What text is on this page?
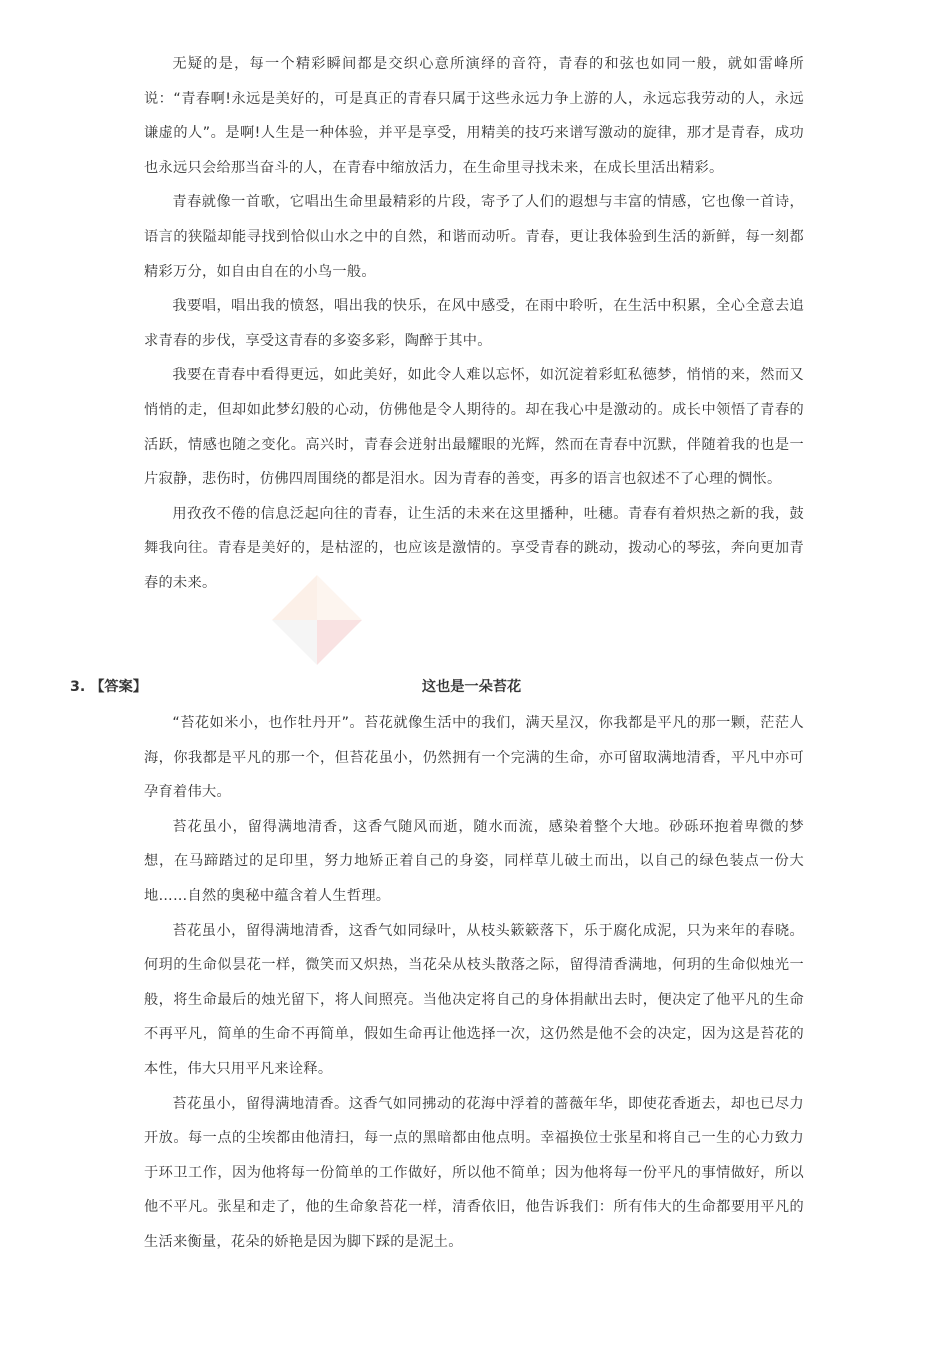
无疑的是，每一个精彩瞬间都是交织心意所演绎的音符，青春的和弦也如同一般，就如雷峰所说：“青春啊!永远是美好的，可是真正的青春只属于这些永远力争上游的人，永远忘我劳动的人，永远谦虚的人”。是啊!人生是一种体验，并平是享受，用精美的技巧来谱写激动的旋律，那才是青春，成功也永远只会给那当奋斗的人，在青春中缩放活力，在生命里寻找未来，在成长里活出精彩。

青春就像一首歌，它唱出生命里最精彩的片段，寄予了人们的遐想与丰富的情感，它也像一首诗，语言的狭隘却能寻找到恰似山水之中的自然，和谐而动听。青春，更让我体验到生活的新鲜，每一刻都精彩万分，如自由自在的小鸟一般。

我要唱，唱出我的愤怒，唱出我的快乐，在风中感受，在雨中聆听，在生活中积累，全心全意去追求青春的步伐，享受这青春的多姿多彩，陶醉于其中。

我要在青春中看得更远，如此美好，如此令人难以忘怀，如沉淀着彩虹私德梦，悄悄的来，然而又悄悄的走，但却如此梦幻般的心动，仿佛他是令人期待的。却在我心中是激动的。成长中领悟了青春的活跃，情感也随之变化。高兴时，青春会迸射出最耀眼的光辉，然而在青春中沉默，伴随着我的也是一片寂静，悲伤时，仿佛四周围绕的都是泪水。因为青春的善变，再多的语言也叙述不了心理的惆怅。

用孜孜不倦的信息泛起向往的青春，让生活的未来在这里播种，吐穗。青春有着炽热之新的我，鼓舞我向往。青春是美好的，是枯涩的，也应该是激情的。享受青春的跳动，拨动心的琴弦，奔向更加青春的未来。

3. 【答案】	这也是一朵苔花

“苔花如米小，也作牡丹开”。苔花就像生活中的我们，满天星汉，你我都是平凡的那一颗，茫茫人海，你我都是平凡的那一个，但苔花虽小，仍然拥有一个完满的生命，亦可留取满地清香，平凡中亦可孕育着伟大。

苔花虽小，留得满地清香，这香气随风而逝，随水而流，感染着整个大地。砂砾环抱着卑微的梦想，在马蹄踏过的足印里，努力地矫正着自己的身姿，同样草儿破土而出，以自己的绿色装点一份大地……自然的奥秘中蕴含着人生哲理。

苔花虽小，留得满地清香，这香气如同绿叶，从枝头簌簌落下，乐于腐化成泥，只为来年的春晓。何玥的生命似昙花一样，微笑而又炽热，当花朵从枝头散落之际，留得清香满地，何玥的生命似烛光一般，将生命最后的烛光留下，将人间照亮。当他决定将自己的身体捐献出去时，便决定了他平凡的生命不再平凡，简单的生命不再简单，假如生命再让他选择一次，这仍然是他不会的决定，因为这是苔花的本性，伟大只用平凡来诠释。

苔花虽小，留得满地清香。这香气如同拂动的花海中浮着的蔷薇年华，即使花香逝去，却也已尽力开放。每一点的尘埃都由他清扫，每一点的黑暗都由他点明。幸福换位士张星和将自己一生的心力致力于环卫工作，因为他将每一份简单的工作做好，所以他不简单；因为他将每一份平凡的事情做好，所以他不平凡。张星和走了，他的生命象苔花一样，清香依旧，他告诉我们：所有伟大的生命都要用平凡的生活来衡量，花朵的娇艳是因为脚下踩的是泥土。
